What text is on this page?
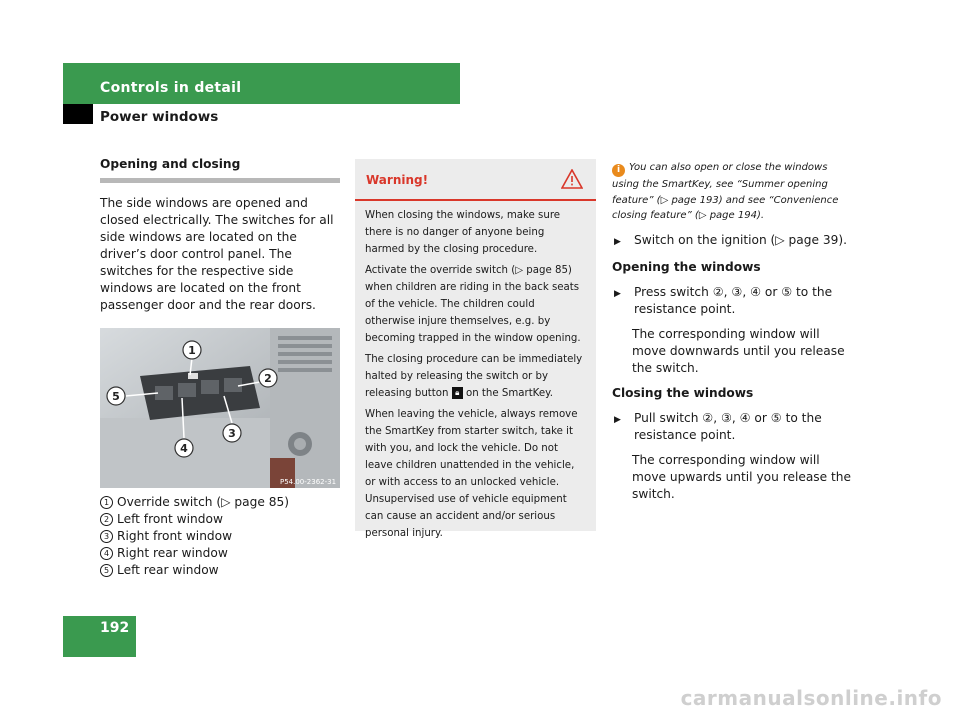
Controls in detail
Power windows
Opening and closing

The side windows are opened and closed electrically. The switches for all side windows are located on the driver’s door control panel. The switches for the respective side windows are located on the front passenger door and the rear doors.

1
2
3
4
5
P54.00-2362-31
1 Override switch (▷ page 85)
2 Left front window
3 Right front window
4 Right rear window
5 Left rear window
Warning!

When closing the windows, make sure there is no danger of anyone being harmed by the closing procedure.

Activate the override switch (▷ page 85) when children are riding in the back seats of the vehicle. The children could otherwise injure themselves, e.g. by becoming trapped in the window opening.

The closing procedure can be immediately halted by releasing the switch or by releasing button 🔒︎ on the SmartKey.

When leaving the vehicle, always remove the SmartKey from starter switch, take it with you, and lock the vehicle. Do not leave children unattended in the vehicle, or with access to an unlocked vehicle. Unsupervised use of vehicle equipment can cause an accident and/or serious personal injury.

i You can also open or close the windows using the SmartKey, see “Summer opening feature” (▷ page 193) and see “Convenience closing feature” (▷ page 194).
▶	Switch on the ignition (▷ page 39).
Opening the windows
▶	Press switch ②, ③, ④ or ⑤ to the resistance point.
The corresponding window will move downwards until you release the switch.
Closing the windows
▶	Pull switch ②, ③, ④ or ⑤ to the resistance point.
The corresponding window will move upwards until you release the switch.
192
carmanualsonline.info
